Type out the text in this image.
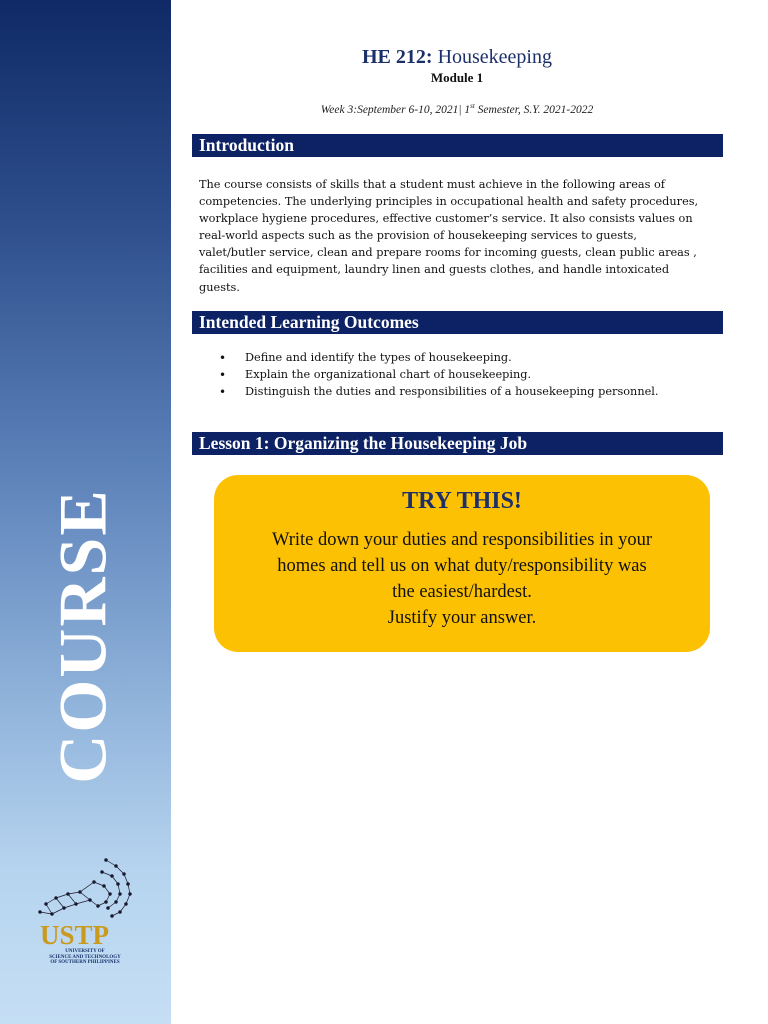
COURSE
USTP
UNIVERSITY OF
SCIENCE AND TECHNOLOGY
OF SOUTHERN PHILIPPINES
HE 212: Housekeeping
Module 1
Week 3:September 6-10, 2021| 1st Semester, S.Y. 2021-2022
Introduction
The course consists of skills that a student must achieve in the following areas of competencies. The underlying principles in occupational health and safety procedures, workplace hygiene procedures, effective customer’s service. It also consists values on real-world aspects such as the provision of housekeeping services to guests, valet/butler service, clean and prepare rooms for incoming guests, clean public areas , facilities and equipment, laundry linen and guests clothes, and handle intoxicated guests.
Intended Learning Outcomes
• Define and identify the types of housekeeping.
• Explain the organizational chart of housekeeping.
• Distinguish the duties and responsibilities of a housekeeping personnel.
Lesson 1: Organizing the Housekeeping Job
TRY THIS!
Write down your duties and responsibilities in your
homes and tell us on what duty/responsibility was
the easiest/hardest.
Justify your answer.
